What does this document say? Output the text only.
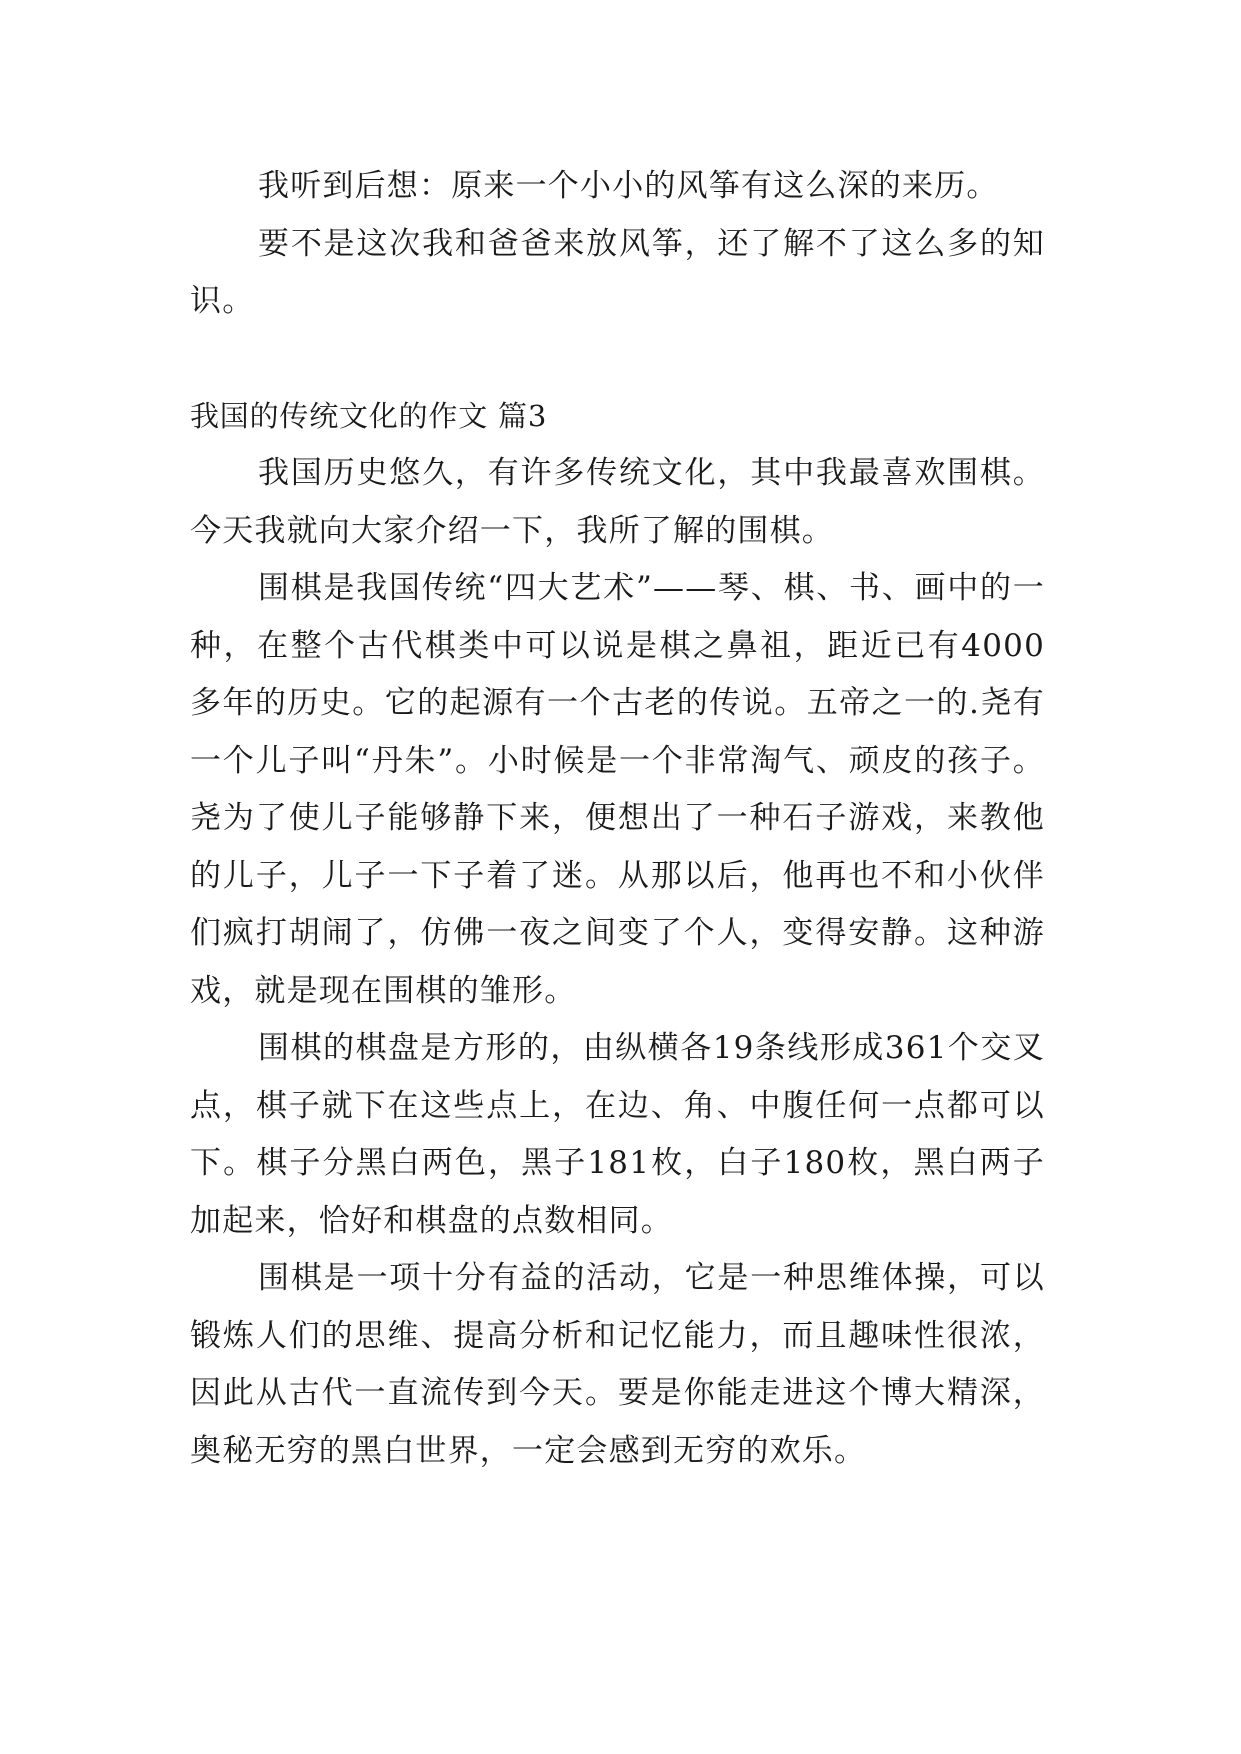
我听到后想：原来一个小小的风筝有这么深的来历。

要不是这次我和爸爸来放风筝，还了解不了这么多的知识。

我国的传统文化的作文 篇3

我国历史悠久，有许多传统文化，其中我最喜欢围棋。今天我就向大家介绍一下，我所了解的围棋。

围棋是我国传统“四大艺术”——琴、棋、书、画中的一种，在整个古代棋类中可以说是棋之鼻祖，距近已有4000多年的历史。它的起源有一个古老的传说。五帝之一的.尧有一个儿子叫“丹朱”。小时候是一个非常淘气、顽皮的孩子。尧为了使儿子能够静下来，便想出了一种石子游戏，来教他的儿子，儿子一下子着了迷。从那以后，他再也不和小伙伴们疯打胡闹了，仿佛一夜之间变了个人，变得安静。这种游戏，就是现在围棋的雏形。

围棋的棋盘是方形的，由纵横各19条线形成361个交叉点，棋子就下在这些点上，在边、角、中腹任何一点都可以下。棋子分黑白两色，黑子181枚，白子180枚，黑白两子加起来，恰好和棋盘的点数相同。

围棋是一项十分有益的活动，它是一种思维体操，可以锻炼人们的思维、提高分析和记忆能力，而且趣味性很浓，因此从古代一直流传到今天。要是你能走进这个博大精深，奥秘无穷的黑白世界，一定会感到无穷的欢乐。
